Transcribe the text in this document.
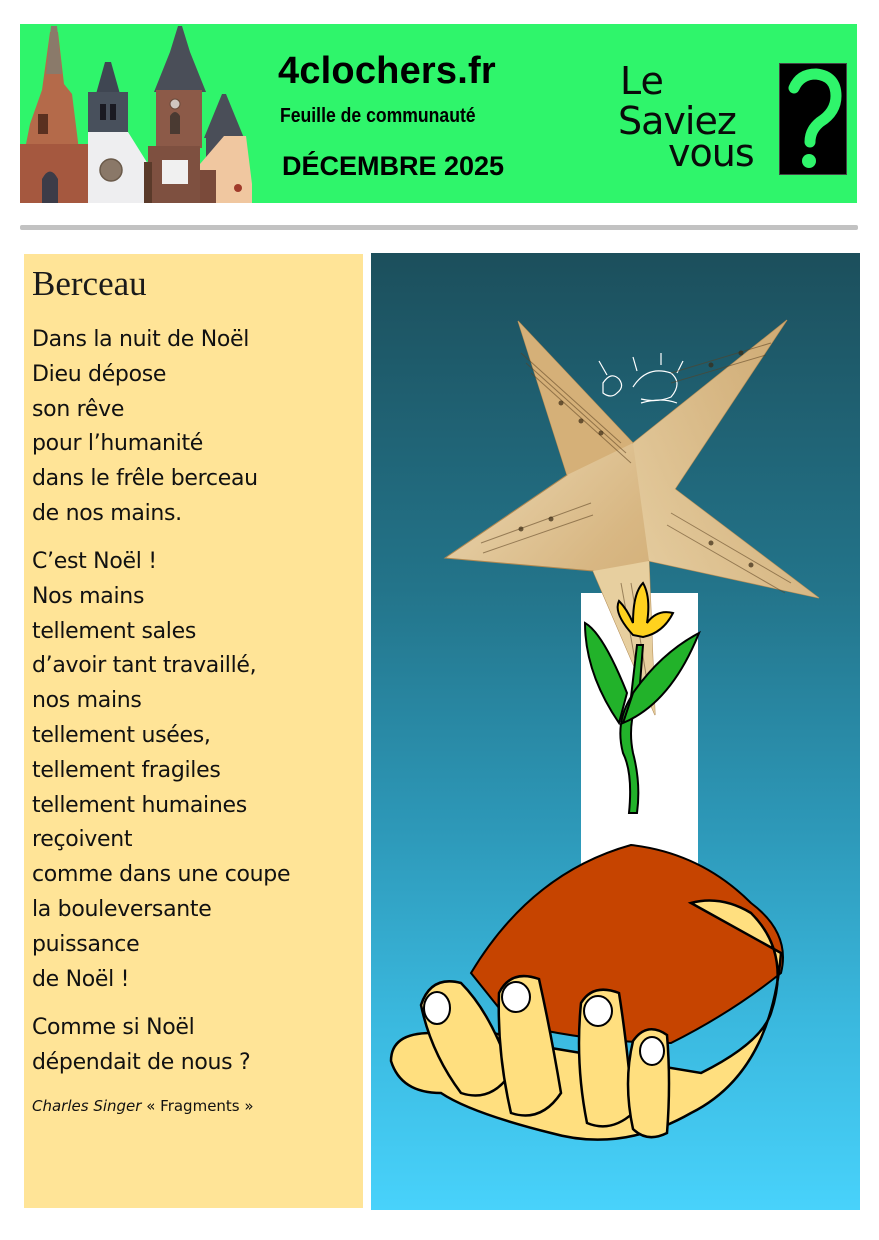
4clochers.fr
Feuille de communauté
DÉCEMBRE 2025
Le
Saviez
vous
Berceau
Dans la nuit de Noël
Dieu dépose
son rêve
pour l’humanité
dans le frêle berceau
de nos mains.
C’est Noël !
Nos mains
tellement sales
d’avoir tant travaillé,
nos mains
tellement usées,
tellement fragiles
tellement humaines
reçoivent
comme dans une coupe
la bouleversante
puissance
de Noël !
Comme si Noël
dépendait de nous ?
Charles Singer « Fragments »
